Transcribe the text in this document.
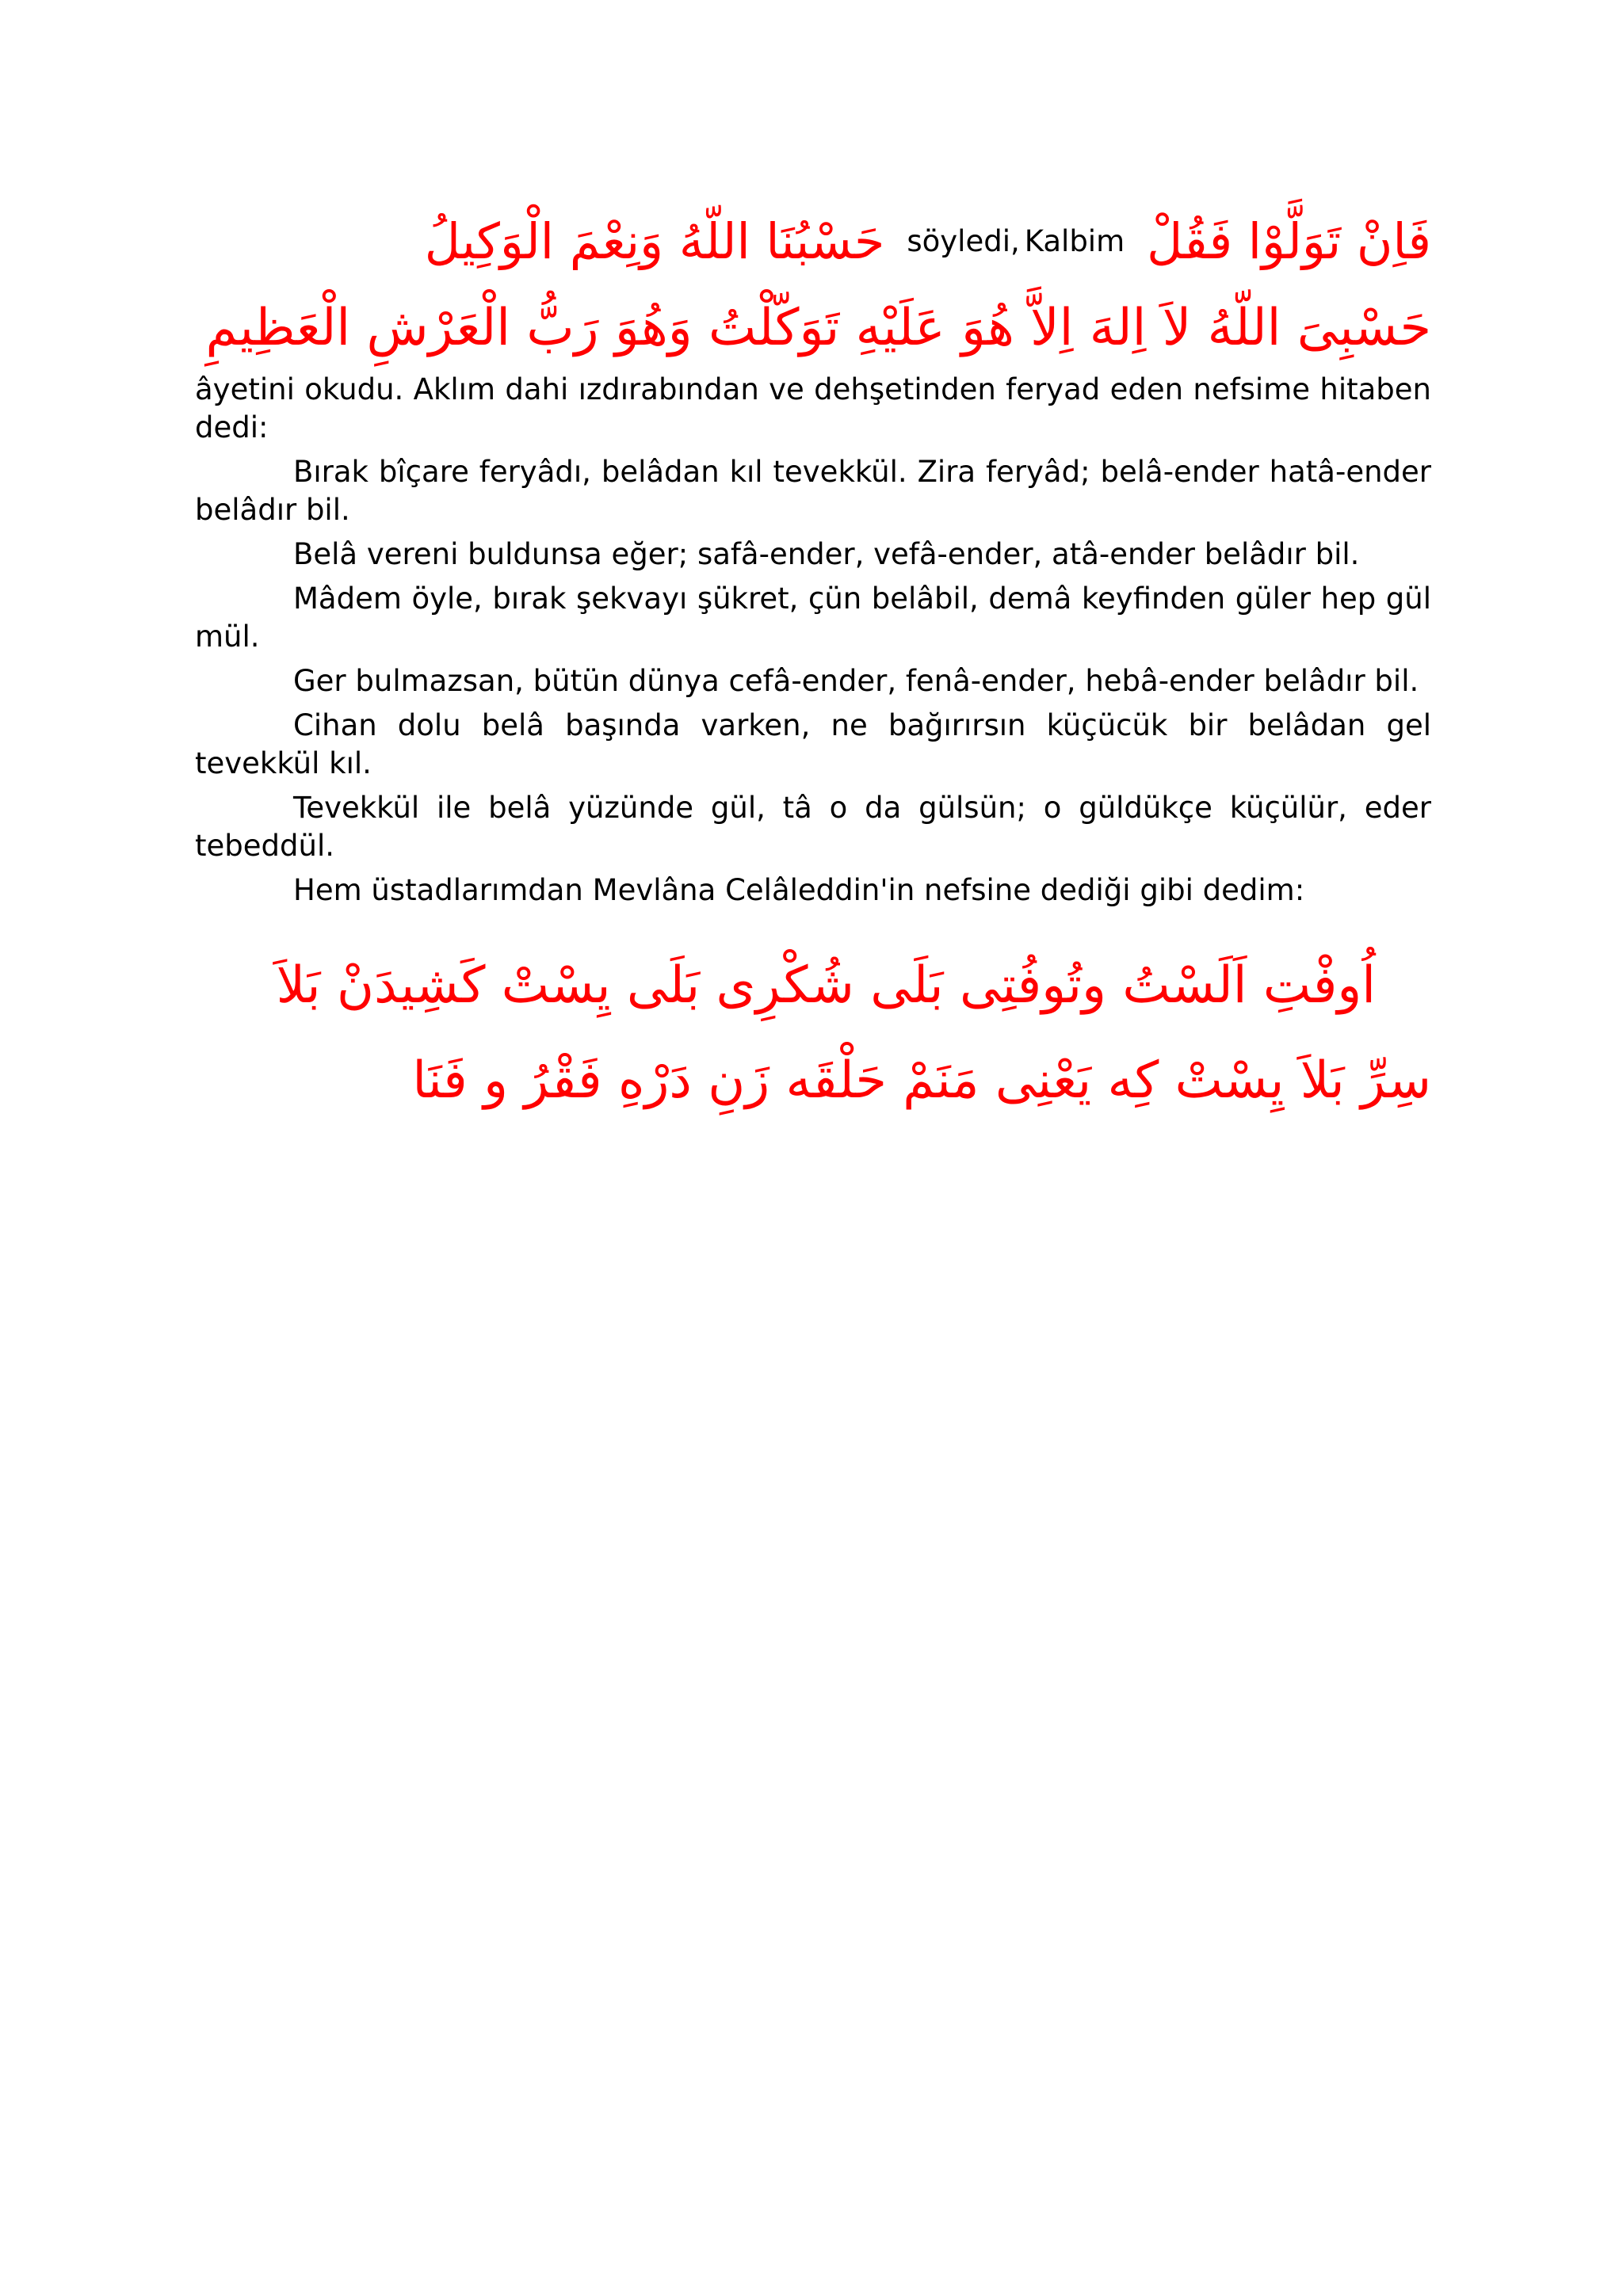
فَاِنْ تَوَلَّوْا فَقُلْ
Kalbim
söyledi,
حَسْبُنَا اللّهُ وَنِعْمَ الْوَكِيلُ
حَسْبِىَ اللّهُ لاَ اِلهَ اِلاَّ هُوَ عَلَيْهِ تَوَكّلْتُ وَهُوَ رَبُّ الْعَرْشِ الْعَظِيمِ

âyetini okudu. Aklım dahi ızdırabından ve dehşetinden feryad eden nefsime hitaben dedi:

Bırak bîçare feryâdı, belâdan kıl tevekkül. Zira feryâd; belâ-ender hatâ-ender belâdır bil.

Belâ vereni buldunsa eğer; safâ-ender, vefâ-ender, atâ-ender belâdır bil.

Mâdem öyle, bırak şekvayı şükret, çün belâbil, demâ keyfinden güler hep gül mül.

Ger bulmazsan, bütün dünya cefâ-ender, fenâ-ender, hebâ-ender belâdır bil.

Cihan dolu belâ başında varken, ne bağırırsın küçücük bir belâdan gel tevekkül kıl.

Tevekkül ile belâ yüzünde gül, tâ o da gülsün; o güldükçe küçülür, eder tebeddül.

Hem üstadlarımdan Mevlâna Celâleddin'in nefsine dediği gibi dedim:

اُوفْتِ اَلَسْتُ وتُوفُتِى بَلَى شُكْرِى بَلَى يِسْتْ كَشِيدَنْ بَلاَ
سِرِّ بَلاَ يِسْتْ كِه يَعْنِى مَنَمْ حَلْقَه زَنِ دَرْهِ فَقْرُ و فَنَا
